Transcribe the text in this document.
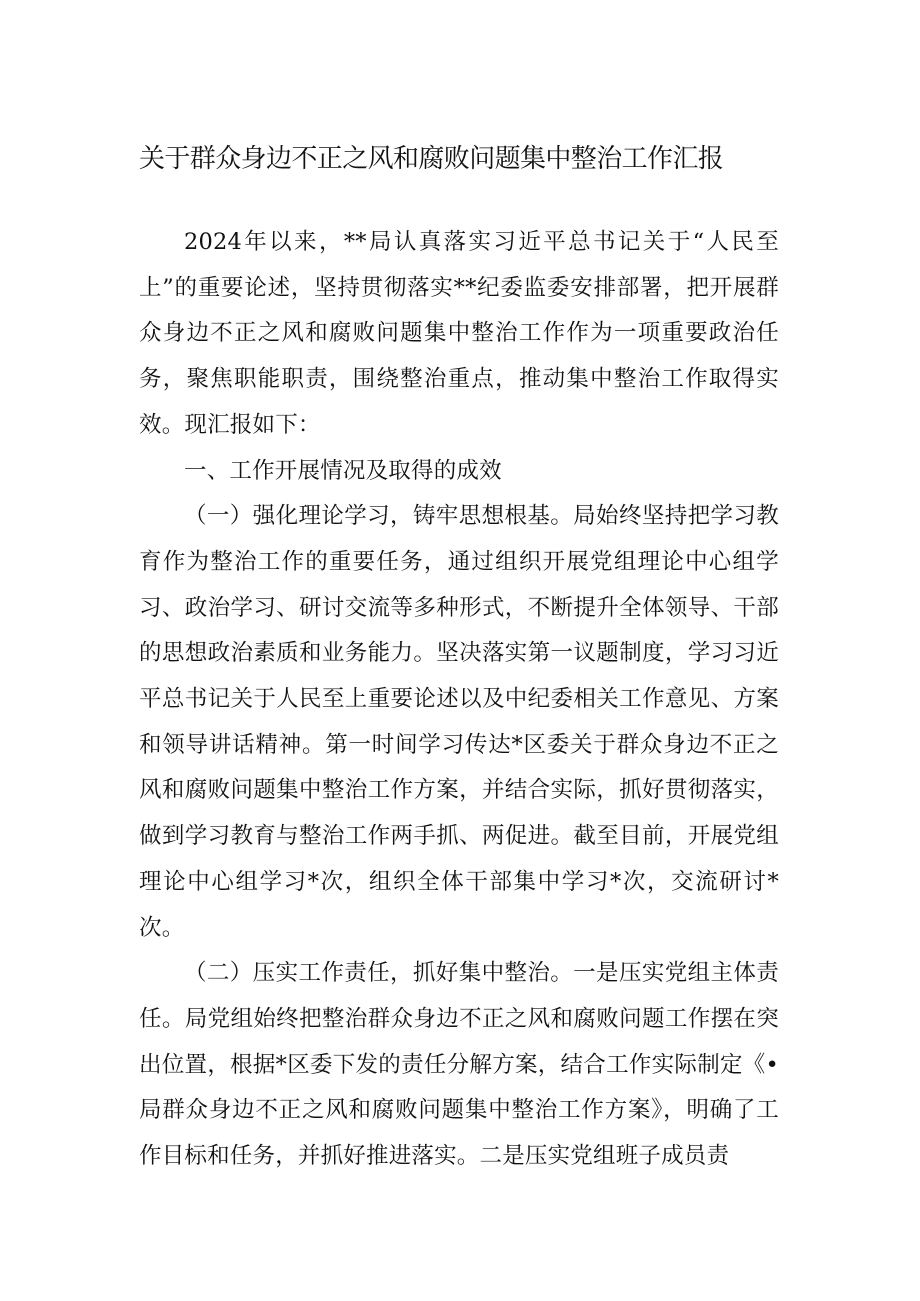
关于群众身边不正之风和腐败问题集中整治工作汇报

2024年以来，**局认真落实习近平总书记关于“人民至上”的重要论述，坚持贯彻落实**纪委监委安排部署，把开展群众身边不正之风和腐败问题集中整治工作作为一项重要政治任务，聚焦职能职责，围绕整治重点，推动集中整治工作取得实效。现汇报如下：

一、工作开展情况及取得的成效

（一）强化理论学习，铸牢思想根基。局始终坚持把学习教育作为整治工作的重要任务，通过组织开展党组理论中心组学习、政治学习、研讨交流等多种形式，不断提升全体领导、干部的思想政治素质和业务能力。坚决落实第一议题制度，学习习近平总书记关于人民至上重要论述以及中纪委相关工作意见、方案和领导讲话精神。第一时间学习传达*区委关于群众身边不正之风和腐败问题集中整治工作方案，并结合实际，抓好贯彻落实，做到学习教育与整治工作两手抓、两促进。截至目前，开展党组理论中心组学习*次，组织全体干部集中学习*次，交流研讨*次。

（二）压实工作责任，抓好集中整治。一是压实党组主体责任。局党组始终把整治群众身边不正之风和腐败问题工作摆在突出位置，根据*区委下发的责任分解方案，结合工作实际制定《•局群众身边不正之风和腐败问题集中整治工作方案》，明确了工作目标和任务，并抓好推进落实。二是压实党组班子成员责
